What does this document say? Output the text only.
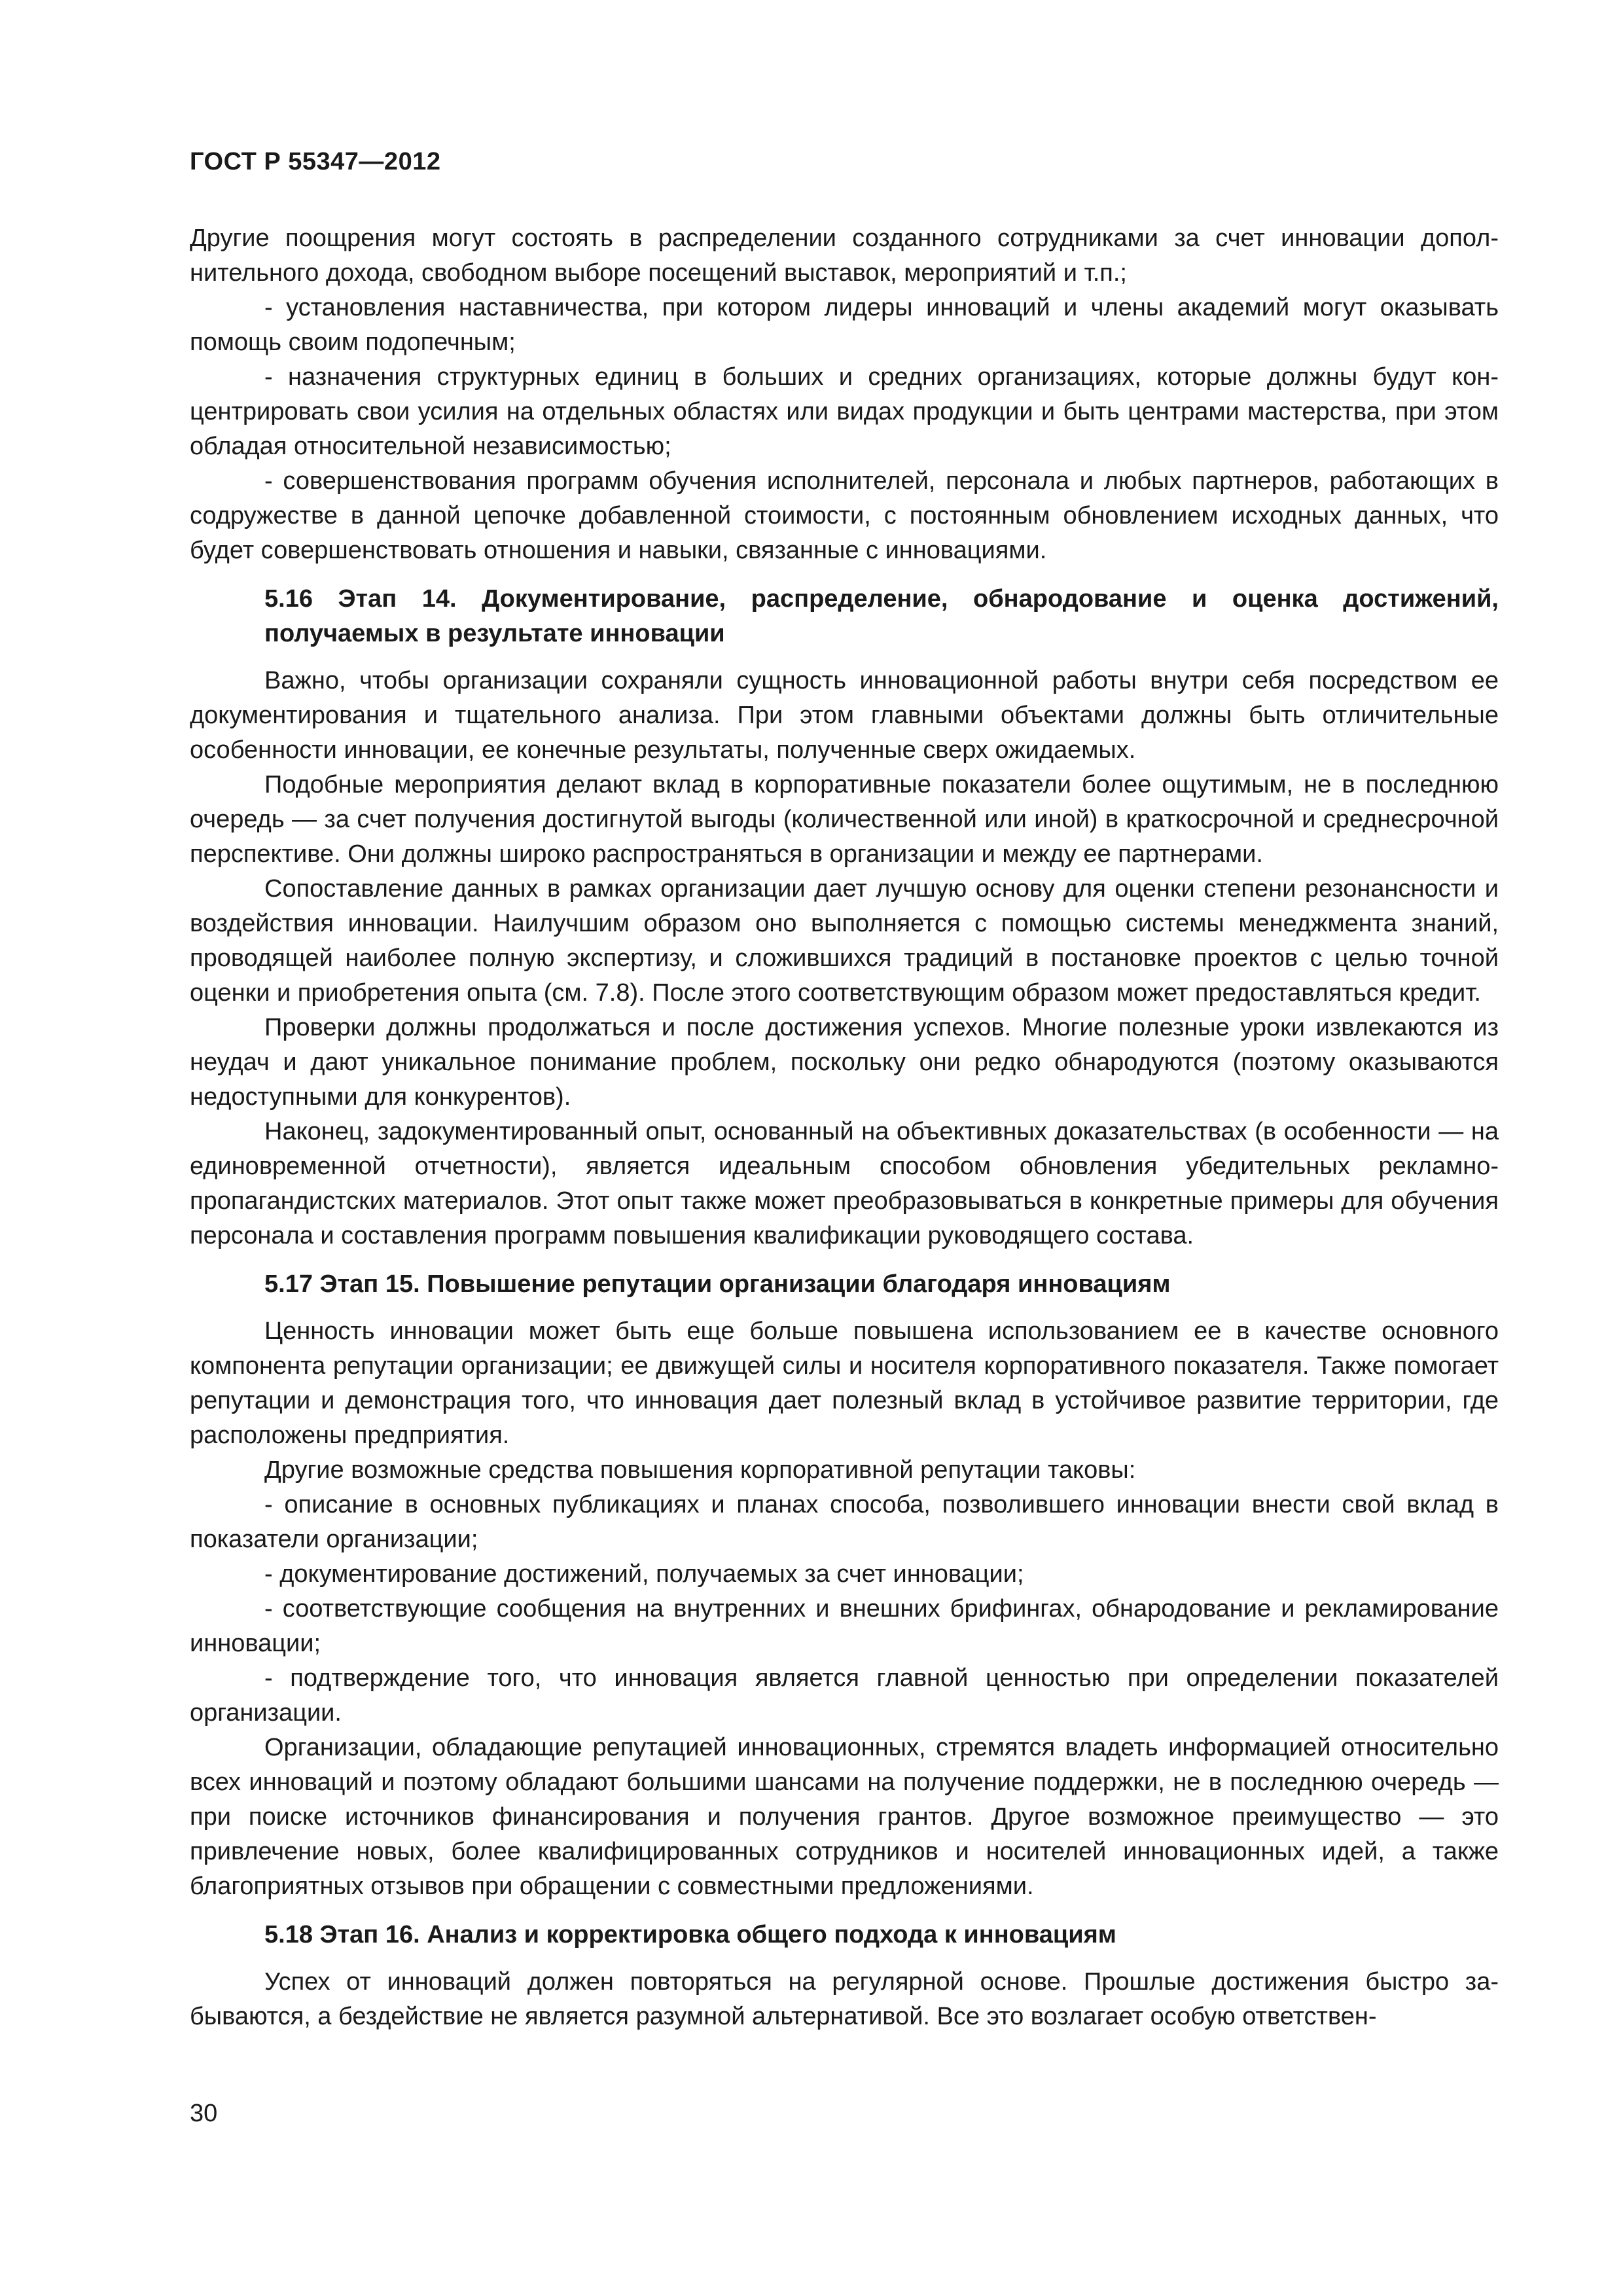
ГОСТ Р 55347—2012

Другие поощрения могут состоять в распределении созданного сотрудниками за счет инновации дополнительного дохода, свободном выборе посещений выставок, мероприятий и т.п.;

- установления наставничества, при котором лидеры инноваций и члены академий могут оказывать помощь своим подопечным;

- назначения структурных единиц в больших и средних организациях, которые должны будут концентрировать свои усилия на отдельных областях или видах продукции и быть центрами мастерства, при этом обладая относительной независимостью;

- совершенствования программ обучения исполнителей, персонала и любых партнеров, работающих в содружестве в данной цепочке добавленной стоимости, с постоянным обновлением исходных данных, что будет совершенствовать отношения и навыки, связанные с инновациями.

5.16 Этап 14. Документирование, распределение, обнародование и оценка достижений, получаемых в результате инновации

Важно, чтобы организации сохраняли сущность инновационной работы внутри себя посредством ее документирования и тщательного анализа. При этом главными объектами должны быть отличительные особенности инновации, ее конечные результаты, полученные сверх ожидаемых.

Подобные мероприятия делают вклад в корпоративные показатели более ощутимым, не в последнюю очередь — за счет получения достигнутой выгоды (количественной или иной) в краткосрочной и среднесрочной перспективе. Они должны широко распространяться в организации и между ее партнерами.

Сопоставление данных в рамках организации дает лучшую основу для оценки степени резонансности и воздействия инновации. Наилучшим образом оно выполняется с помощью системы менеджмента знаний, проводящей наиболее полную экспертизу, и сложившихся традиций в постановке проектов с целью точной оценки и приобретения опыта (см. 7.8). После этого соответствующим образом может предоставляться кредит.

Проверки должны продолжаться и после достижения успехов. Многие полезные уроки извлекаются из неудач и дают уникальное понимание проблем, поскольку они редко обнародуются (поэтому оказываются недоступными для конкурентов).

Наконец, задокументированный опыт, основанный на объективных доказательствах (в особенности — на единовременной отчетности), является идеальным способом обновления убедительных рекламно-пропагандистских материалов. Этот опыт также может преобразовываться в конкретные примеры для обучения персонала и составления программ повышения квалификации руководящего состава.

5.17 Этап 15. Повышение репутации организации благодаря инновациям

Ценность инновации может быть еще больше повышена использованием ее в качестве основного компонента репутации организации; ее движущей силы и носителя корпоративного показателя. Также помогает репутации и демонстрация того, что инновация дает полезный вклад в устойчивое развитие территории, где расположены предприятия.

Другие возможные средства повышения корпоративной репутации таковы:

- описание в основных публикациях и планах способа, позволившего инновации внести свой вклад в показатели организации;

- документирование достижений, получаемых за счет инновации;

- соответствующие сообщения на внутренних и внешних брифингах, обнародование и рекламирование инновации;

- подтверждение того, что инновация является главной ценностью при определении показателей организации.

Организации, обладающие репутацией инновационных, стремятся владеть информацией относительно всех инноваций и поэтому обладают большими шансами на получение поддержки, не в последнюю очередь — при поиске источников финансирования и получения грантов. Другое возможное преимущество — это привлечение новых, более квалифицированных сотрудников и носителей инновационных идей, а также благоприятных отзывов при обращении с совместными предложениями.

5.18 Этап 16. Анализ и корректировка общего подхода к инновациям

Успех от инноваций должен повторяться на регулярной основе. Прошлые достижения быстро забываются, а бездействие не является разумной альтернативой. Все это возлагает особую ответствен-

30
